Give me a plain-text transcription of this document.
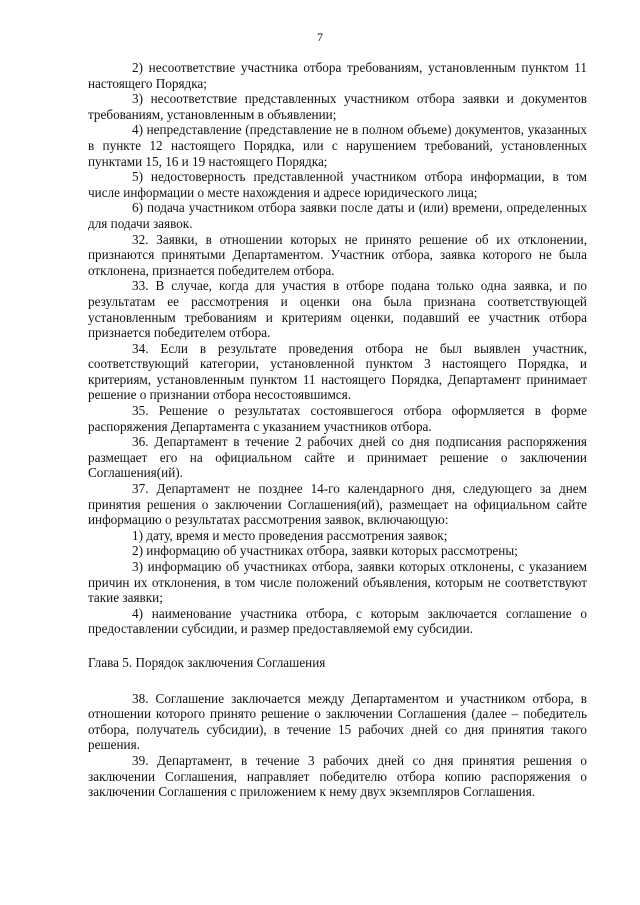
7

2) несоответствие участника отбора требованиям, установленным пунктом 11 настоящего Порядка;

3) несоответствие представленных участником отбора заявки и документов требованиям, установленным в объявлении;

4) непредставление (представление не в полном объеме) документов, указанных в пункте 12 настоящего Порядка, или с нарушением требований, установленных пунктами 15, 16 и 19 настоящего Порядка;

5) недостоверность представленной участником отбора информации, в том числе информации о месте нахождения и адресе юридического лица;

6) подача участником отбора заявки после даты и (или) времени, определенных для подачи заявок.

32. Заявки, в отношении которых не принято решение об их отклонении, признаются принятыми Департаментом. Участник отбора, заявка которого не была отклонена, признается победителем отбора.

33. В случае, когда для участия в отборе подана только одна заявка, и по результатам ее рассмотрения и оценки она была признана соответствующей установленным требованиям и критериям оценки, подавший ее участник отбора признается победителем отбора.

34. Если в результате проведения отбора не был выявлен участник, соответствующий категории, установленной пунктом 3 настоящего Порядка, и критериям, установленным пунктом 11 настоящего Порядка, Департамент принимает решение о признании отбора несостоявшимся.

35. Решение о результатах состоявшегося отбора оформляется в форме распоряжения Департамента с указанием участников отбора.

36. Департамент в течение 2 рабочих дней со дня подписания распоряжения размещает его на официальном сайте и принимает решение о заключении Соглашения(ий).

37. Департамент не позднее 14-го календарного дня, следующего за днем принятия решения о заключении Соглашения(ий), размещает на официальном сайте информацию о результатах рассмотрения заявок, включающую:

1) дату, время и место проведения рассмотрения заявок;

2) информацию об участниках отбора, заявки которых рассмотрены;

3) информацию об участниках отбора, заявки которых отклонены, с указанием причин их отклонения, в том числе положений объявления, которым не соответствуют такие заявки;

4) наименование участника отбора, с которым заключается соглашение о предоставлении субсидии, и размер предоставляемой ему субсидии.

Глава 5. Порядок заключения Соглашения

38. Соглашение заключается между Департаментом и участником отбора, в отношении которого принято решение о заключении Соглашения (далее – победитель отбора, получатель субсидии), в течение 15 рабочих дней со дня принятия такого решения.

39. Департамент, в течение 3 рабочих дней со дня принятия решения о заключении Соглашения, направляет победителю отбора копию распоряжения о заключении Соглашения с приложением к нему двух экземпляров Соглашения.
